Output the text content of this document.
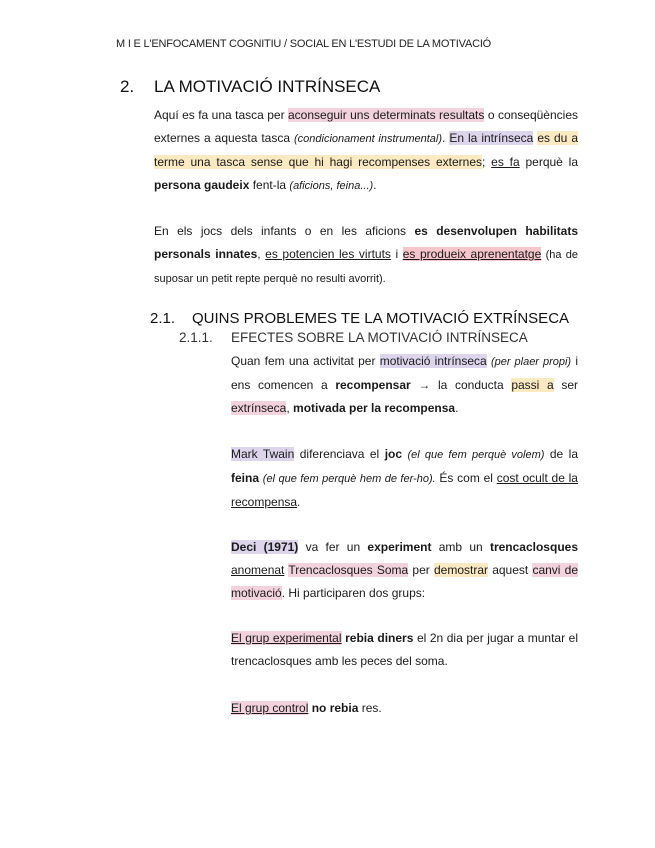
M I E L'ENFOCAMENT COGNITIU / SOCIAL EN L'ESTUDI DE LA MOTIVACIÓ
2. LA MOTIVACIÓ INTRÍNSECA
Aquí es fa una tasca per aconseguir uns determinats resultats o conseqüències externes a aquesta tasca (condicionament instrumental). En la intrínseca es du a terme una tasca sense que hi hagi recompenses externes; es fa perquè la persona gaudeix fent-la (aficions, feina...).
En els jocs dels infants o en les aficions es desenvolupen habilitats personals innates, es potencien les virtuts i es produeix aprenentatge (ha de suposar un petit repte perquè no resulti avorrit).
2.1. QUINS PROBLEMES TE LA MOTIVACIÓ EXTRÍNSECA
2.1.1. EFECTES SOBRE LA MOTIVACIÓ INTRÍNSECA
Quan fem una activitat per motivació intrínseca (per plaer propi) i ens comencen a recompensar → la conducta passi a ser extrínseca, motivada per la recompensa.
Mark Twain diferenciava el joc (el que fem perquè volem) de la feina (el que fem perquè hem de fer-ho). És com el cost ocult de la recompensa.
Deci (1971) va fer un experiment amb un trencaclosques anomenat Trencaclosques Soma per demostrar aquest canvi de motivació. Hi participaren dos grups:
El grup experimental rebia diners el 2n dia per jugar a muntar el trencaclosques amb les peces del soma.
El grup control no rebia res.
